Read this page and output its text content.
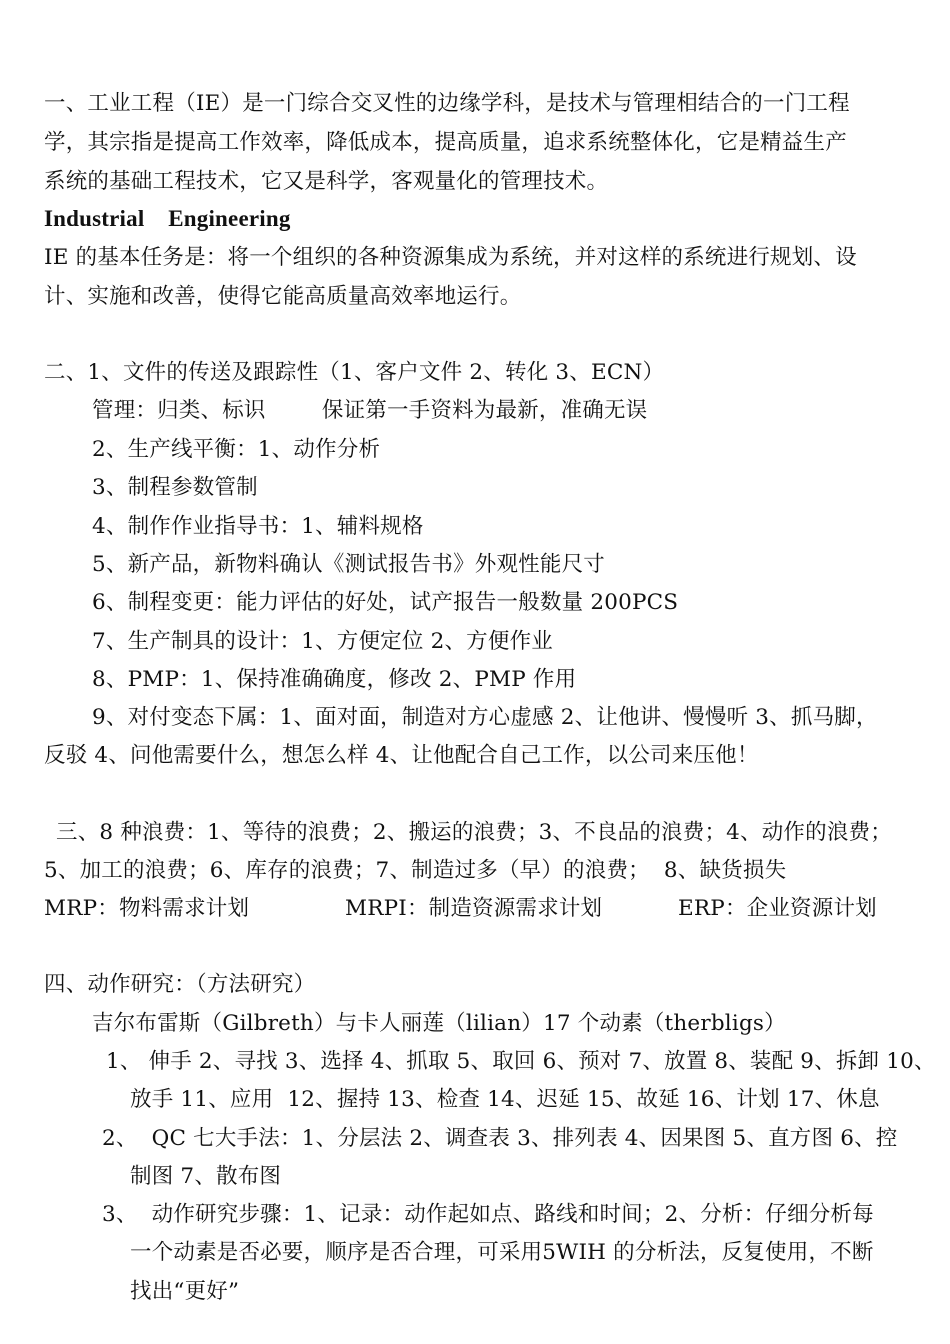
一、工业工程（IE）是一门综合交叉性的边缘学科，是技术与管理相结合的一门工程
学，其宗指是提高工作效率，降低成本，提高质量，追求系统整体化，它是精益生产
系统的基础工程技术，它又是科学，客观量化的管理技术。
Industrial    Engineering
IE 的基本任务是：将一个组织的各种资源集成为系统，并对这样的系统进行规划、设
计、实施和改善，使得它能高质量高效率地运行。
二、1、文件的传送及跟踪性（1、客户文件 2、转化 3、ECN）
管理：归类、标识        保证第一手资料为最新，准确无误
2、生产线平衡：1、动作分析
3、制程参数管制
4、制作作业指导书：1、辅料规格
5、新产品，新物料确认《测试报告书》外观性能尺寸
6、制程变更：能力评估的好处，试产报告一般数量 200PCS
7、生产制具的设计：1、方便定位 2、方便作业
8、PMP：1、保持准确确度，修改 2、PMP 作用
9、对付变态下属：1、面对面，制造对方心虚感 2、让他讲、慢慢听 3、抓马脚，
反驳 4、问他需要什么，想怎么样 4、让他配合自己工作，以公司来压他！
三、8 种浪费：1、等待的浪费；2、搬运的浪费；3、不良品的浪费；4、动作的浪费；
5、加工的浪费；6、库存的浪费；7、制造过多（早）的浪费；  8、缺货损失
MRP：物料需求计划	MRPI：制造资源需求计划	ERP：企业资源计划
四、动作研究：（方法研究）
吉尔布雷斯（Gilbreth）与卡人丽莲（lilian）17 个动素（therbligs）
1、 伸手 2、寻找 3、选择 4、抓取 5、取回 6、预对 7、放置 8、装配 9、拆卸 10、
放手 11、应用  12、握持 13、检查 14、迟延 15、故延 16、计划 17、休息
2、  QC 七大手法：1、分层法 2、调查表 3、排列表 4、因果图 5、直方图 6、控
制图 7、散布图
3、  动作研究步骤：1、记录：动作起如点、路线和时间；2、分析：仔细分析每
一个动素是否必要，顺序是否合理，可采用5WIH 的分析法，反复使用，不断
找出“更好”
